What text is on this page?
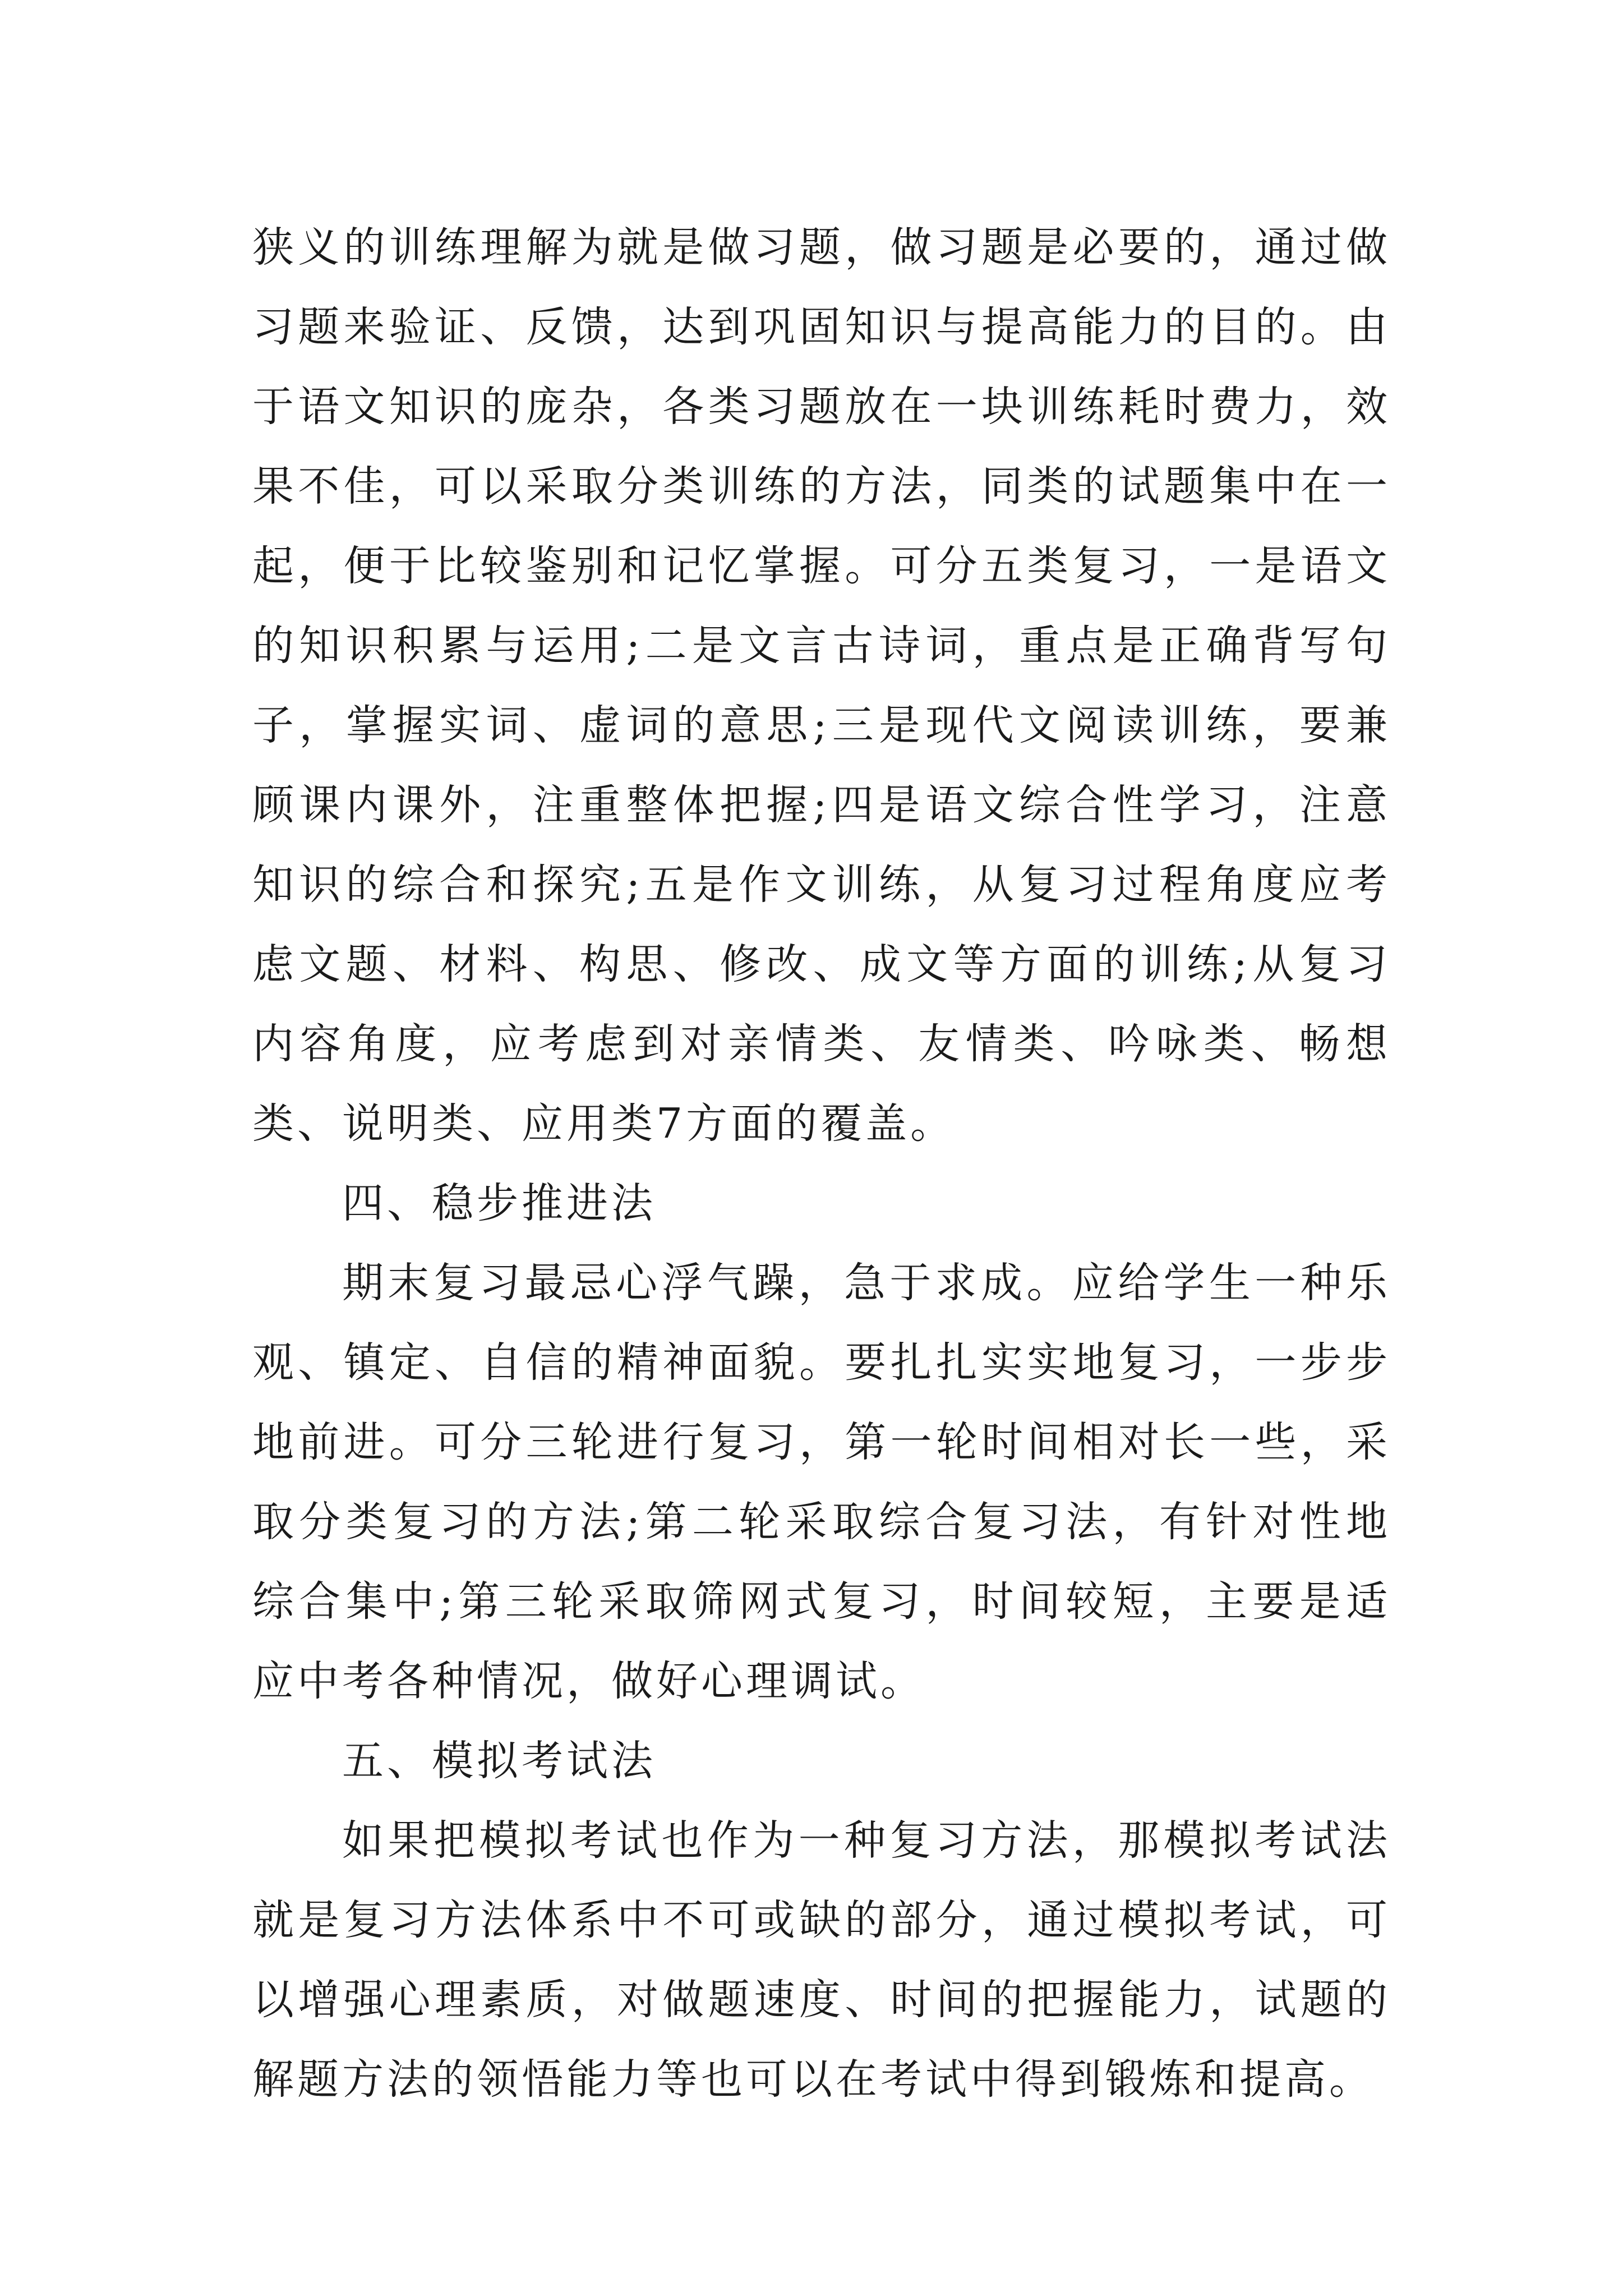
狭义的训练理解为就是做习题，做习题是必要的，通过做习题来验证、反馈，达到巩固知识与提高能力的目的。由于语文知识的庞杂，各类习题放在一块训练耗时费力，效果不佳，可以采取分类训练的方法，同类的试题集中在一起，便于比较鉴别和记忆掌握。可分五类复习，一是语文的知识积累与运用;二是文言古诗词，重点是正确背写句子，掌握实词、虚词的意思;三是现代文阅读训练，要兼顾课内课外，注重整体把握;四是语文综合性学习，注意知识的综合和探究;五是作文训练，从复习过程角度应考虑文题、材料、构思、修改、成文等方面的训练;从复习内容角度，应考虑到对亲情类、友情类、吟咏类、畅想类、说明类、应用类7方面的覆盖。

四、稳步推进法

期末复习最忌心浮气躁，急于求成。应给学生一种乐观、镇定、自信的精神面貌。要扎扎实实地复习，一步步地前进。可分三轮进行复习，第一轮时间相对长一些，采取分类复习的方法;第二轮采取综合复习法，有针对性地综合集中;第三轮采取筛网式复习，时间较短，主要是适应中考各种情况，做好心理调试。

五、模拟考试法

如果把模拟考试也作为一种复习方法，那模拟考试法就是复习方法体系中不可或缺的部分，通过模拟考试，可以增强心理素质，对做题速度、时间的把握能力，试题的解题方法的领悟能力等也可以在考试中得到锻炼和提高。
